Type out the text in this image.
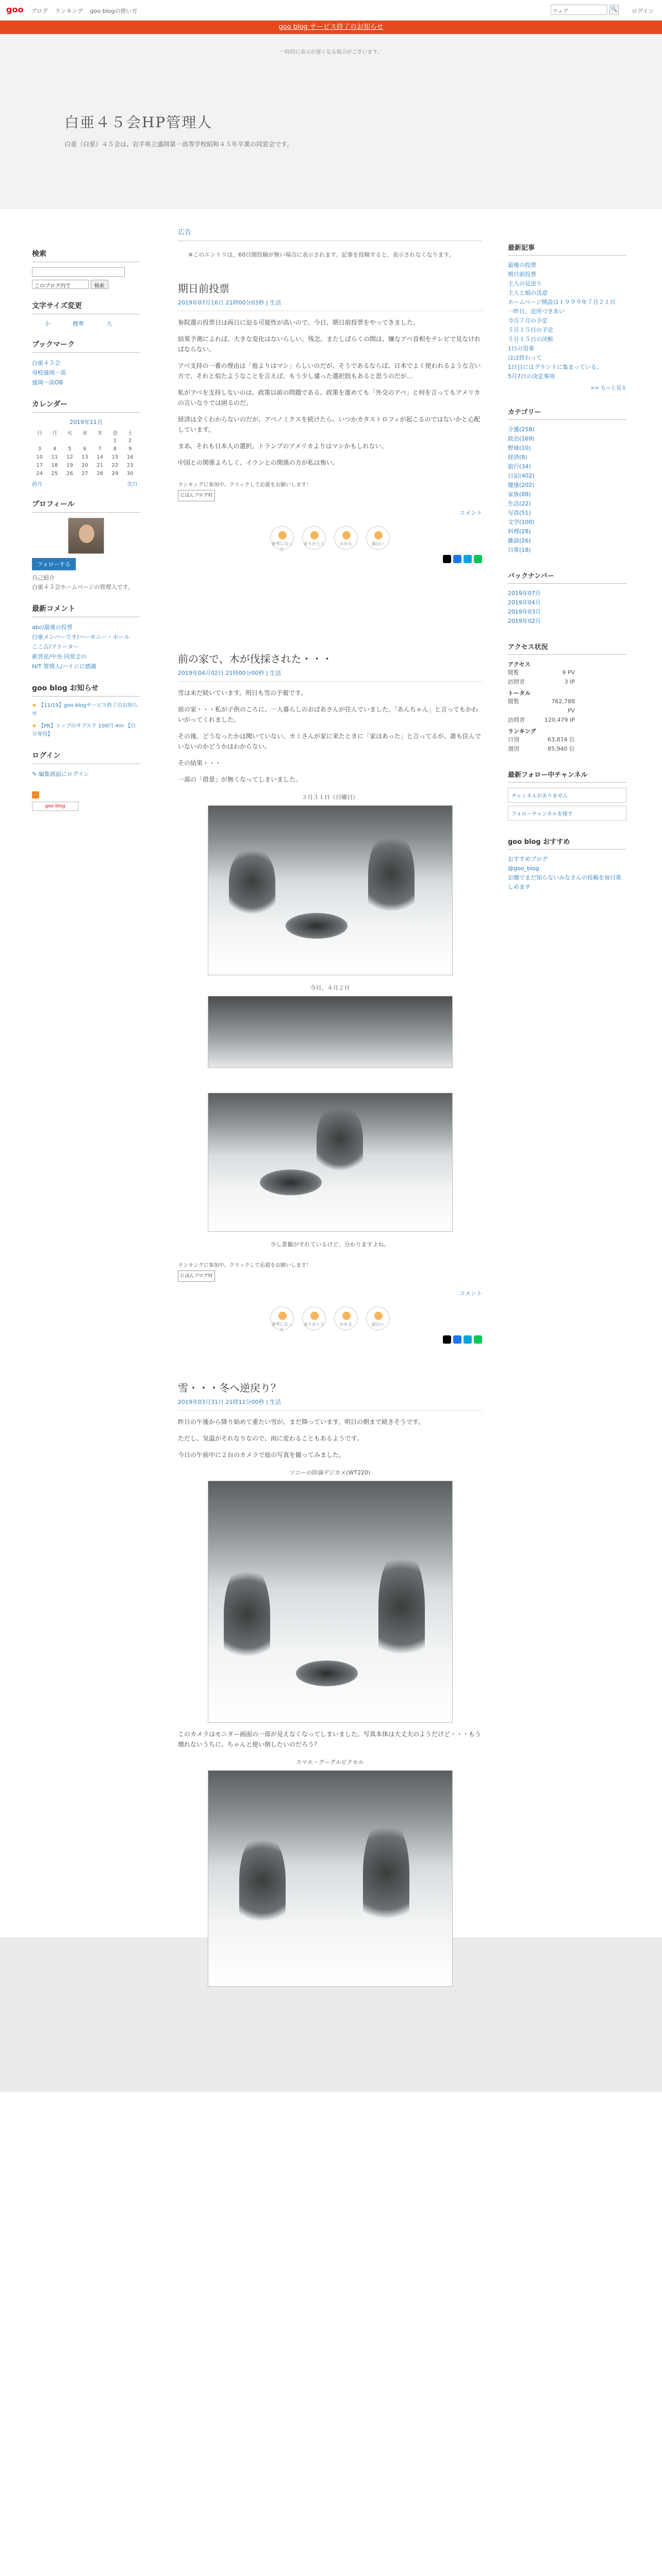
goo	ブログ ランキング goo blogの使い方	ウェブ	🔍	ログイン
白亜４５会HP管理人
白亜（白堊）４５会は、岩手県立盛岡第一高等学校昭和４５年卒業の同窓会です。
goo blog サービス終了のお知らせ
一時的に表示が遅くなる場合がございます。
検索
このブログ内で	検索
文字サイズ変更
小	標準	大
ブックマーク
白亜４５会
母校盛岡一高
盛岡一高OB
カレンダー
2019年11月
日	月	火	水	木	金	土
					1	2
3	4	5	6	7	8	9
10	11	12	13	14	15	16
17	18	19	20	21	22	23
24	25	26	27	28	29	30
前月	次月
プロフィール
フォローする
自己紹介
白亜４５会ホームページの管理人です。
最新コメント
abc/最後の投票
白亜メンバーです/ハーモニー・ホール
ここ吉/フリーター
新宮花/中央 同窓会の
H/T 管理人/ハイジに感謝
goo blog お知らせ
★ 【11/19】goo blogサービス終了のお知らせ
★ 【PR】トップのサブスク 100円 ✈in 【自分専用】
ログイン
✎ 編集画面にログイン
goo blog
広告
※このエントリは、60日間投稿が無い場合に表示されます。記事を投稿すると、表示されなくなります。
期日前投票
2019年07月16日 21時00分03秒 | 生活

参院選の投票日は両日に迫る可能性が高いので、今日、期日前投票をやってきました。

結果予測によれば、大きな変化はないらしい。残念。またしばらくの間は、嫌なアベ首相をテレビで見なければならない。

アベ支持の一番の理由は「他よりはマシ」らしいのだが、そうであるならば、日本でよく使われるような言い方で、それと似たようなことを言えば、もう少し違った選択肢もあると思うのだが…

私がアベを支持しないのは、政策以前の問題である。政策を進めても「外交のアベ」と何を言ってもアメリカの言いなりでは困るのだ。

経済は全くわからないのだが、アベノミクスを続けたら、いつかカタストロフィが起こるのではないかと心配しています。

まあ、それも日本人の選択。トランプのアメリカよりはマシかもしれない。

中国との関係よろしく、イランとの関係の方が私は怖い。

ランキングに参加中。クリックして応援をお願いします！
にほんブログ村
コメント
参考になった
ありがとう	わかる	面白い
前の家で、木が伐採された・・・
2019年04月02日 21時00分00秒 | 生活

雪は未だ続いています。明日も雪の予報です。

前の家・・・私が子供のころに、一人暮らしのおばあさんが住んでいました。「あんちゃん」と言ってもかわいがってくれました。

その後、どうなったかは聞いていない。カミさんが家に来たときに「家はあった」と言ってるが、誰も住んでいないのかどうかはわからない。

その結果・・・

一部の「借景」が無くなってしまいました。

３月３１日（日曜日）
今日、４月２日
少し景観がすれているけど、分かりますよね。
ランキングに参加中。クリックして応援をお願いします！
にほんブログ村
コメント
参考になった
ありがとう	わかる	面白い
雪・・・冬へ逆戻り？
2019年03月31日 21時11分00秒 | 生活

昨日の午後から降り始めて重たい雪が、まだ降っています。明日の朝まで続きそうです。

ただし、気温がそれなりなので、雨に変わることもあるようです。

今日の午前中に２台のカメラで庭の写真を撮ってみました。

ソニーの防滴デジカメ(WT220)

このカメラはモニター画面の一部が見えなくなってしまいました。写真本体は大丈夫のようだけど・・・もう壊れないうちに、ちゃんと使い倒したいのだろう？

スマホ・グーグルピクセル
最新記事
最後の投票
期日前投票
主人の見送り
主人と娘の送迎
ホームページ開設は１９９９年７月２１日
一昨日、近所づきあい
今月７月の予定
５月１５日の予定
５月１５日の決断
1日の用事
ほぼ終わって
1日目にはグランドに集まっている。
5月7日の決定事項
>> もっと見る
カテゴリー
介護(258)
政治(169)
野球(10)
経済(8)
旅行(34)
日記(402)
健康(202)
家族(88)
生活(22)
写真(51)
文学(100)
料理(28)
雑談(26)
日常(18)
バックナンバー
2019年07月
2019年04月
2019年03月
2019年02月
アクセス状況
アクセス
閲覧	9 PV
訪問者	3 IP
トータル
閲覧	762,788 PV
訪問者	120,479 IP
ランキング
日別	63,874 位
週別	85,940 位
最新フォロー中チャンネル
チャンネルがありません
フォローチャンネルを探す
goo blog おすすめ
おすすめブログ
@goo_blog
お題でまだ知らないみなさんの投稿を毎日楽しめます
